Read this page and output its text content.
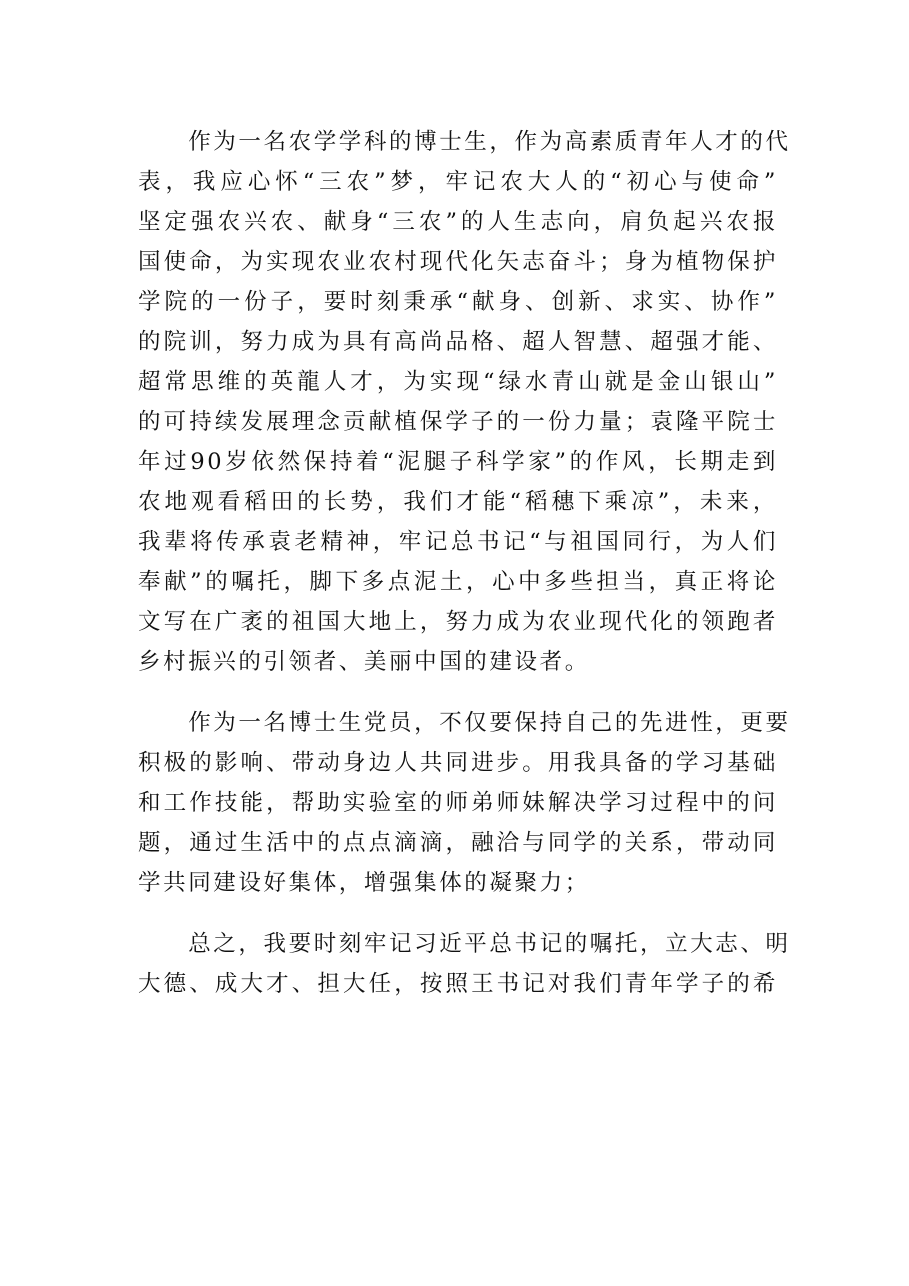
　　作为一名农学学科的博士生，作为高素质青年人才的代
表，我应心怀“三农”梦，牢记农大人的“初心与使命”
坚定强农兴农、献身“三农”的人生志向，肩负起兴农报
国使命，为实现农业农村现代化矢志奋斗；身为植物保护
学院的一份子，要时刻秉承“献身、创新、求实、协作”
的院训，努力成为具有高尚品格、超人智慧、超强才能、
超常思维的英龍人才，为实现“绿水青山就是金山银山”
的可持续发展理念贡献植保学子的一份力量；袁隆平院士
年过90岁依然保持着“泥腿子科学家”的作风，长期走到
农地观看稻田的长势，我们才能“稻穗下乘凉”，未来，
我辈将传承袁老精神，牢记总书记“与祖国同行，为人们
奉献”的嘱托，脚下多点泥土，心中多些担当，真正将论
文写在广袤的祖国大地上，努力成为农业现代化的领跑者
乡村振兴的引领者、美丽中国的建设者。
　　作为一名博士生党员，不仅要保持自己的先进性，更要
积极的影响、带动身边人共同进步。用我具备的学习基础
和工作技能，帮助实验室的师弟师妹解决学习过程中的问
题，通过生活中的点点滴滴，融洽与同学的关系，带动同
学共同建设好集体，增强集体的凝聚力；
　　总之，我要时刻牢记习近平总书记的嘱托，立大志、明
大德、成大才、担大任，按照王书记对我们青年学子的希
